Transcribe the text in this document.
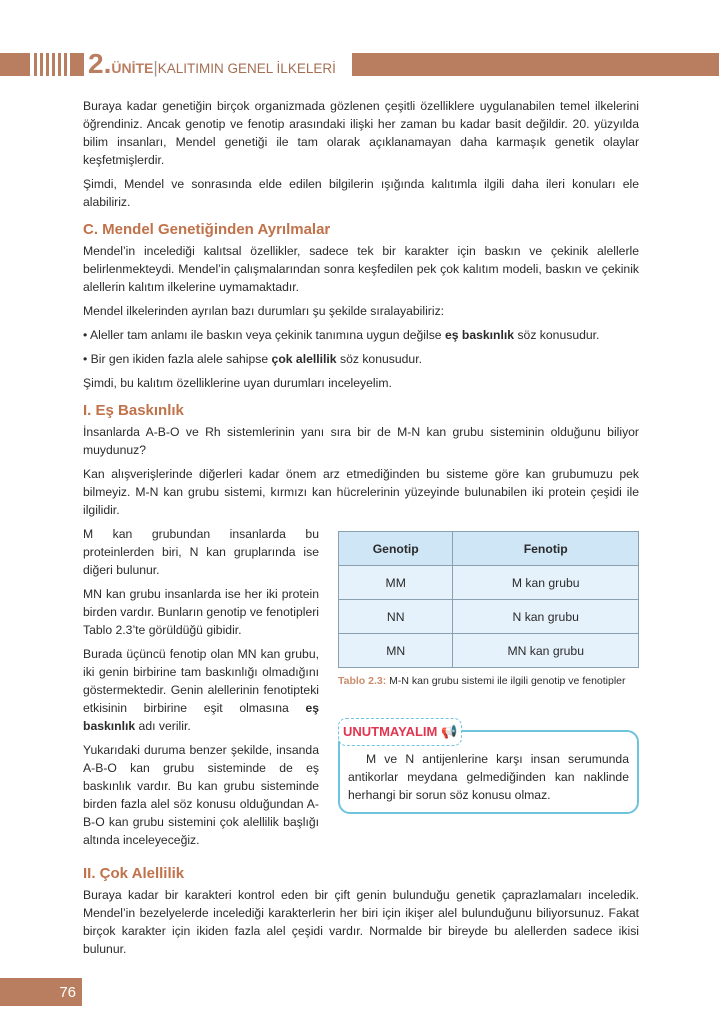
2.ÜNİTE|KALITIMIN GENEL İLKELERİ

Buraya kadar genetiğin birçok organizmada gözlenen çeşitli özelliklere uygulanabilen temel ilkelerini öğrendiniz. Ancak genotip ve fenotip arasındaki ilişki her zaman bu kadar basit değildir. 20. yüzyılda bilim insanları, Mendel genetiği ile tam olarak açıklanamayan daha karmaşık genetik olaylar keşfetmişlerdir.

Şimdi, Mendel ve sonrasında elde edilen bilgilerin ışığında kalıtımla ilgili daha ileri konuları ele alabiliriz.

C. Mendel Genetiğinden Ayrılmalar

Mendel’in incelediği kalıtsal özellikler, sadece tek bir karakter için baskın ve çekinik alellerle belirlenmekteydi. Mendel’in çalışmalarından sonra keşfedilen pek çok kalıtım modeli, baskın ve çekinik alellerin kalıtım ilkelerine uymamaktadır.

Mendel ilkelerinden ayrılan bazı durumları şu şekilde sıralayabiliriz:

• Aleller tam anlamı ile baskın veya çekinik tanımına uygun değilse eş baskınlık söz konusudur.

• Bir gen ikiden fazla alele sahipse çok alellilik söz konusudur.

Şimdi, bu kalıtım özelliklerine uyan durumları inceleyelim.

I. Eş Baskınlık

İnsanlarda A-B-O ve Rh sistemlerinin yanı sıra bir de M-N kan grubu sisteminin olduğunu biliyor muydunuz?

Kan alışverişlerinde diğerleri kadar önem arz etmediğinden bu sisteme göre kan grubumuzu pek bilmeyiz. M-N kan grubu sistemi, kırmızı kan hücrelerinin yüzeyinde bulunabilen iki protein çeşidi ile ilgilidir.

M kan grubundan insanlarda bu proteinlerden biri, N kan gruplarında ise diğeri bulunur.

MN kan grubu insanlarda ise her iki protein birden vardır. Bunların genotip ve fenotipleri Tablo 2.3’te görüldüğü gibidir.

Burada üçüncü fenotip olan MN kan grubu, iki genin birbirine tam baskınlığı olmadığını göstermektedir. Genin alellerinin fenotipteki etkisinin birbirine eşit olmasına eş baskınlık adı verilir.

Yukarıdaki duruma benzer şekilde, insanda A-B-O kan grubu sisteminde de eş baskınlık vardır. Bu kan grubu sisteminde birden fazla alel söz konusu olduğundan A-B-O kan grubu sistemini çok alellilik başlığı altında inceleyeceğiz.

Genotip	Fenotip
MM	M kan grubu
NN	N kan grubu
MN	MN kan grubu
Tablo 2.3: M-N kan grubu sistemi ile ilgili genotip ve fenotipler

M ve N antijenlerine karşı insan serumunda antikorlar meydana gelmediğinden kan naklinde herhangi bir sorun söz konusu olmaz.

UNUTMAYALIM 📢
II. Çok Alellilik

Buraya kadar bir karakteri kontrol eden bir çift genin bulunduğu genetik çaprazlamaları inceledik. Mendel’in bezelyelerde incelediği karakterlerin her biri için ikişer alel bulunduğunu biliyorsunuz. Fakat birçok karakter için ikiden fazla alel çeşidi vardır. Normalde bir bireyde bu alellerden sadece ikisi bulunur.

76
